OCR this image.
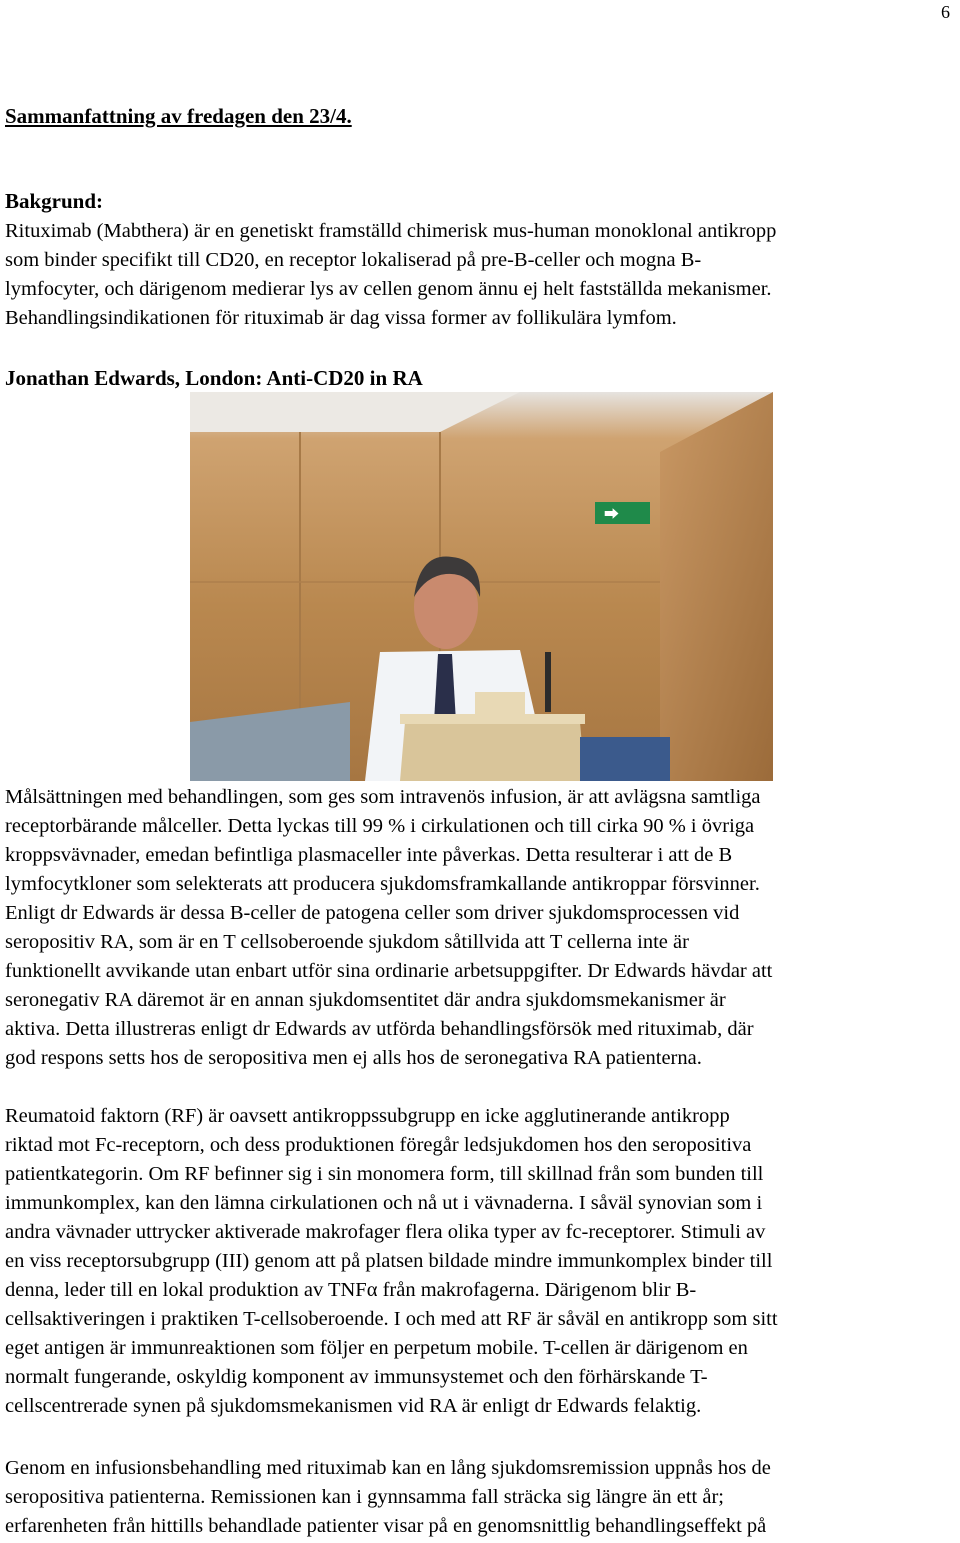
6
Sammanfattning av fredagen den 23/4.
Bakgrund:
Rituximab (Mabthera) är en genetiskt framställd chimerisk mus-human monoklonal antikropp
som binder specifikt till CD20, en receptor lokaliserad på pre-B-celler och mogna B-
lymfocyter, och därigenom medierar lys av cellen genom ännu ej helt fastställda mekanismer.
Behandlingsindikationen för rituximab är dag vissa former av follikulära lymfom.
Jonathan Edwards, London: Anti-CD20 in RA
⮕
Målsättningen med behandlingen, som ges som intravenös infusion, är att avlägsna samtliga
receptorbärande målceller. Detta lyckas till 99 % i cirkulationen och till cirka 90 % i övriga
kroppsvävnader, emedan befintliga plasmaceller inte påverkas. Detta resulterar i att de B
lymfocytkloner som selekterats att producera sjukdomsframkallande antikroppar försvinner.
Enligt dr Edwards är dessa B-celler de patogena celler som driver sjukdomsprocessen vid
seropositiv RA, som är en T cellsoberoende sjukdom såtillvida att T cellerna inte är
funktionellt avvikande utan enbart utför sina ordinarie arbetsuppgifter. Dr Edwards hävdar att
seronegativ RA däremot är en annan sjukdomsentitet där andra sjukdomsmekanismer är
aktiva. Detta illustreras enligt dr Edwards av utförda behandlingsförsök med rituximab, där
god respons setts hos de seropositiva men ej alls hos de seronegativa RA patienterna.
Reumatoid faktorn (RF) är oavsett antikroppssubgrupp en icke agglutinerande antikropp
riktad mot Fc-receptorn, och dess produktionen föregår ledsjukdomen hos den seropositiva
patientkategorin. Om RF befinner sig i sin monomera form, till skillnad från som bunden till
immunkomplex, kan den lämna cirkulationen och nå ut i vävnaderna. I såväl synovian som i
andra vävnader uttrycker aktiverade makrofager flera olika typer av fc-receptorer. Stimuli av
en viss receptorsubgrupp (III) genom att på platsen bildade mindre immunkomplex binder till
denna, leder till en lokal produktion av TNFα från makrofagerna. Därigenom blir B-
cellsaktiveringen i praktiken T-cellsoberoende. I och med att RF är såväl en antikropp som sitt
eget antigen är immunreaktionen som följer en perpetum mobile. T-cellen är därigenom en
normalt fungerande, oskyldig komponent av immunsystemet och den förhärskande T-
cellscentrerade synen på sjukdomsmekanismen vid RA är enligt dr Edwards felaktig.
Genom en infusionsbehandling med rituximab kan en lång sjukdomsremission uppnås hos de
seropositiva patienterna. Remissionen kan i gynnsamma fall sträcka sig längre än ett år;
erfarenheten från hittills behandlade patienter visar på en genomsnittlig behandlingseffekt på
